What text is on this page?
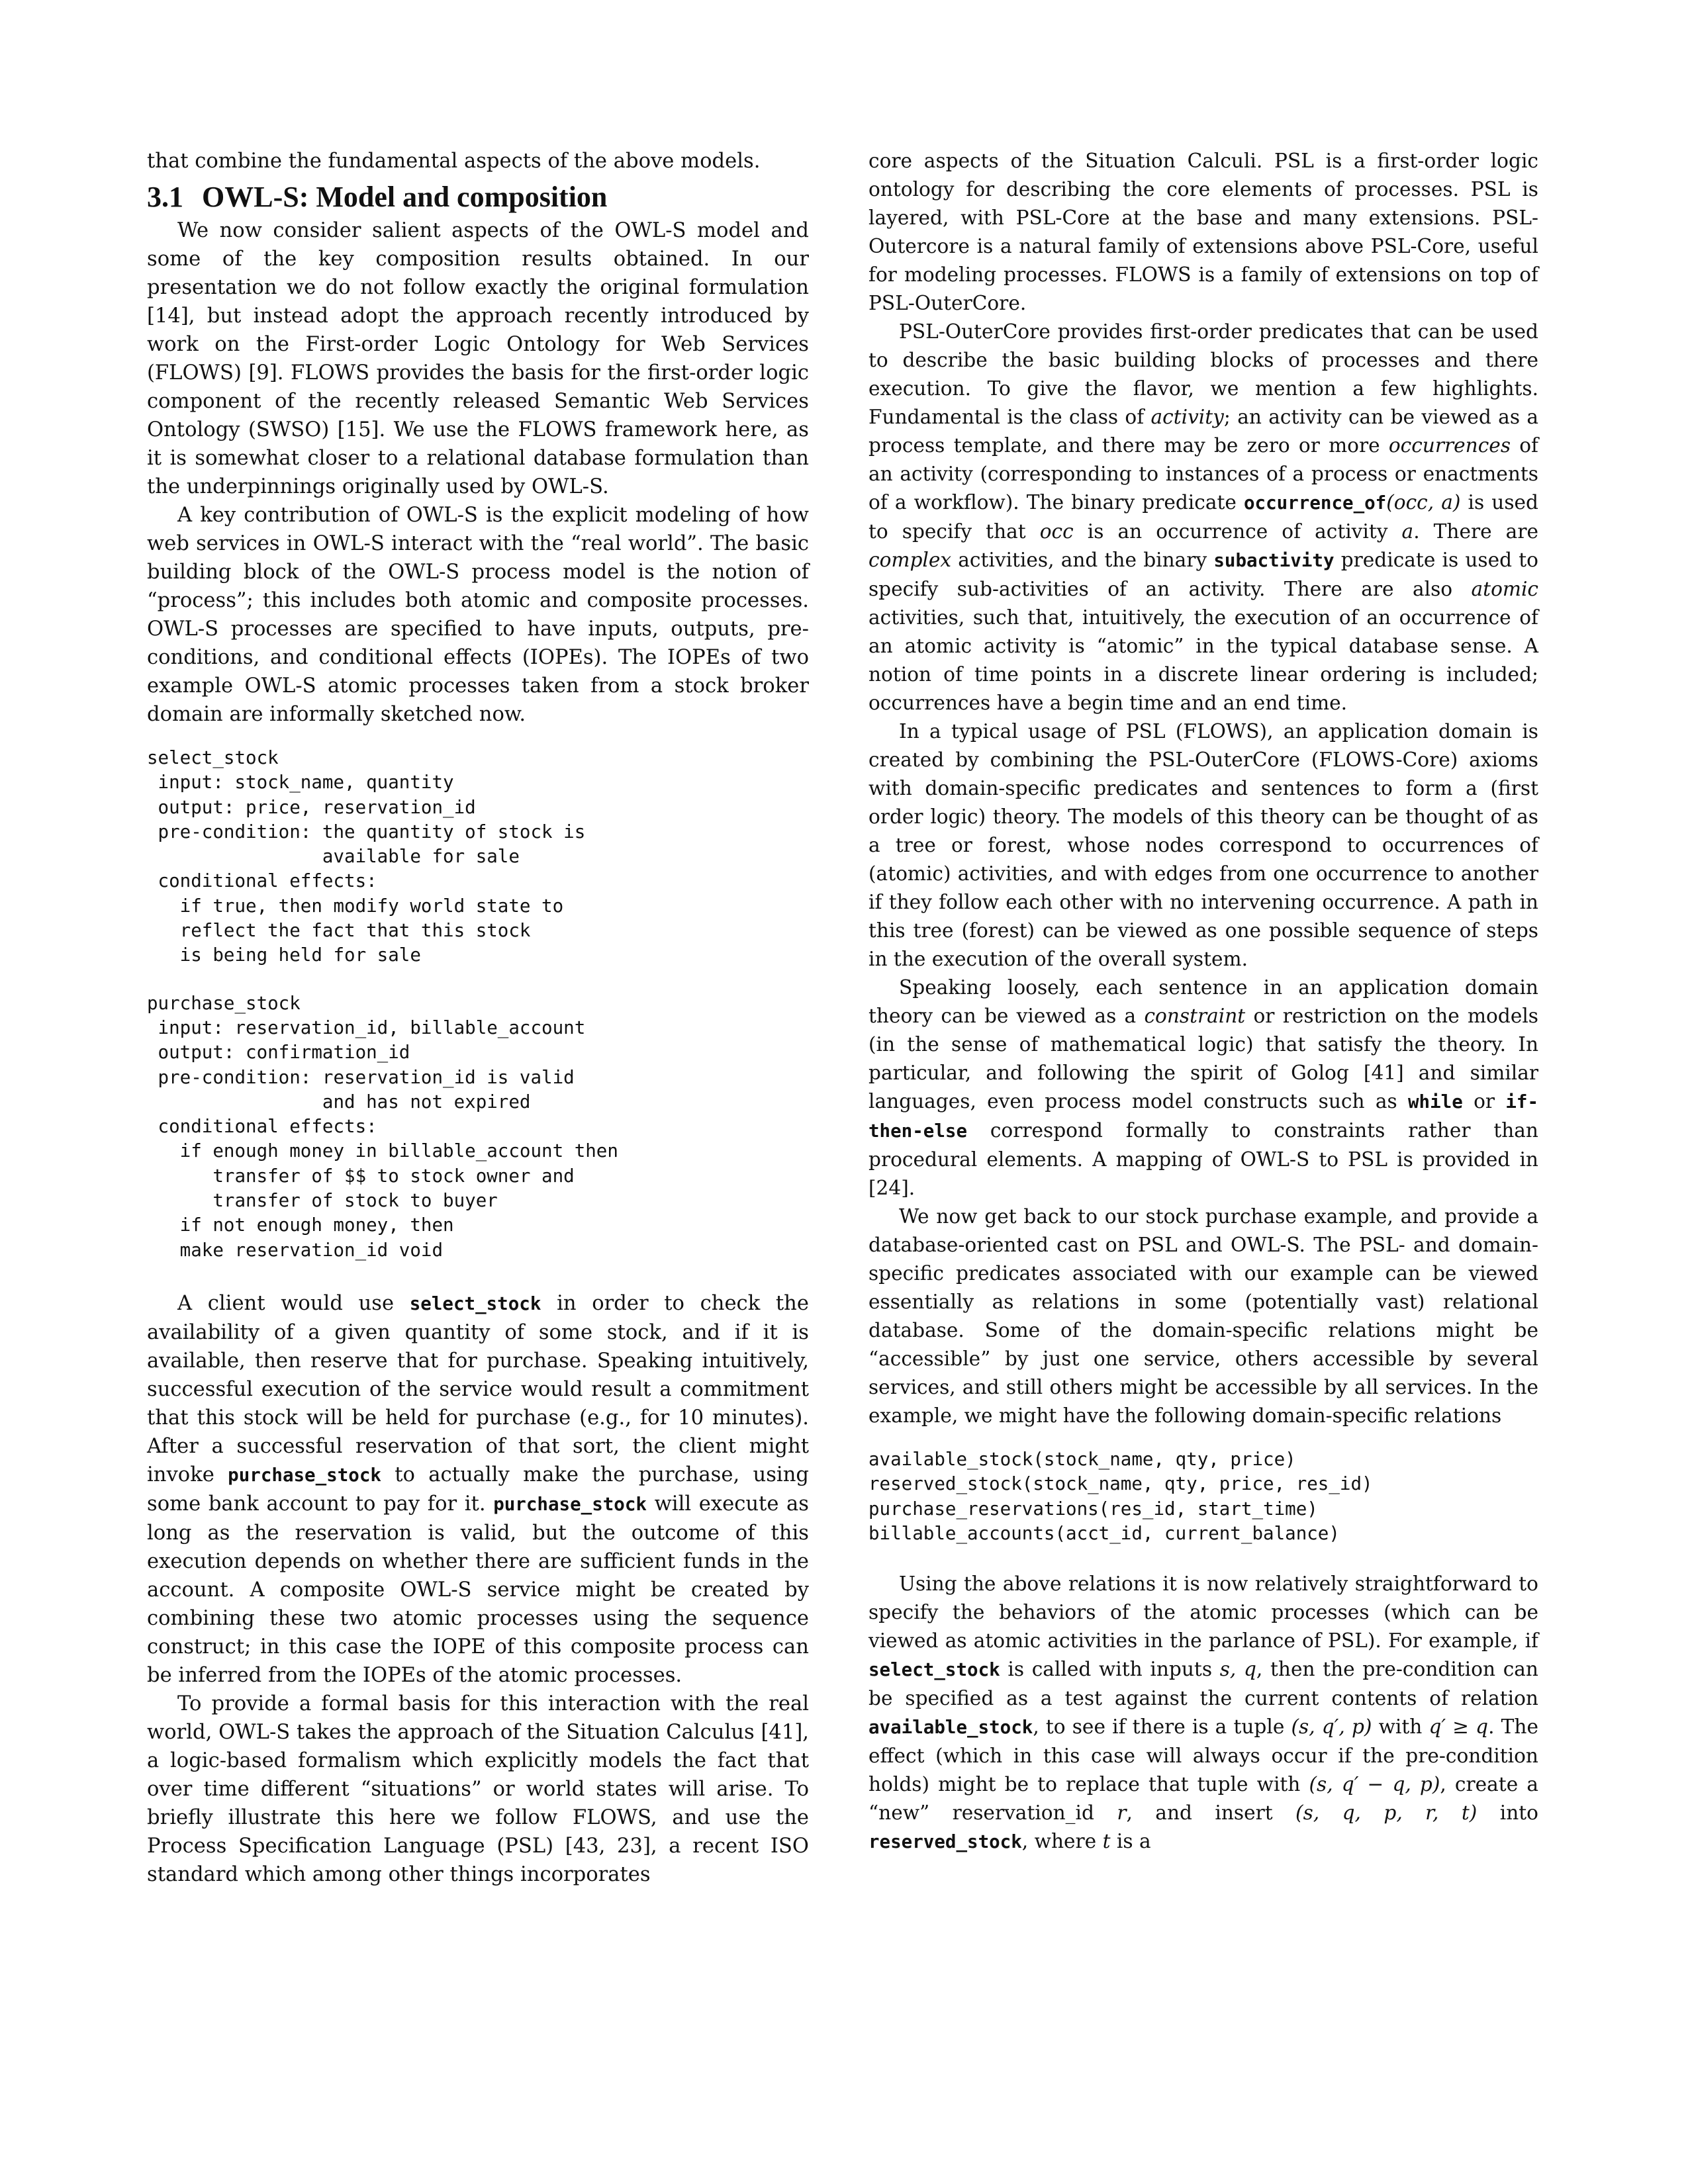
that combine the fundamental aspects of the above models.

3.1 OWL-S: Model and composition

We now consider salient aspects of the OWL-S model and some of the key composition results obtained. In our presentation we do not follow exactly the original formulation [14], but instead adopt the approach recently introduced by work on the First-order Logic Ontology for Web Services (FLOWS) [9]. FLOWS provides the basis for the first-order logic component of the recently released Semantic Web Services Ontology (SWSO) [15]. We use the FLOWS framework here, as it is somewhat closer to a relational database formulation than the underpinnings originally used by OWL-S.

A key contribution of OWL-S is the explicit modeling of how web services in OWL-S interact with the “real world”. The basic building block of the OWL-S process model is the notion of “process”; this includes both atomic and composite processes. OWL-S processes are specified to have inputs, outputs, pre-conditions, and conditional effects (IOPEs). The IOPEs of two example OWL-S atomic processes taken from a stock broker domain are informally sketched now.

select_stock
input: stock_name, quantity
output: price, reservation_id
pre-condition: the quantity of stock is
available for sale
conditional effects:
if true, then modify world state to
reflect the fact that this stock
is being held for sale
purchase_stock
input: reservation_id, billable_account
output: confirmation_id
pre-condition: reservation_id is valid
and has not expired
conditional effects:
if enough money in billable_account then
transfer of $$ to stock owner and
transfer of stock to buyer
if not enough money, then
make reservation_id void

A client would use select_stock in order to check the availability of a given quantity of some stock, and if it is available, then reserve that for purchase. Speaking intuitively, successful execution of the service would result a commitment that this stock will be held for purchase (e.g., for 10 minutes). After a successful reservation of that sort, the client might invoke purchase_stock to actually make the purchase, using some bank account to pay for it. purchase_stock will execute as long as the reservation is valid, but the outcome of this execution depends on whether there are sufficient funds in the account. A composite OWL-S service might be created by combining these two atomic processes using the sequence construct; in this case the IOPE of this composite process can be inferred from the IOPEs of the atomic processes.

To provide a formal basis for this interaction with the real world, OWL-S takes the approach of the Situation Calculus [41], a logic-based formalism which explicitly models the fact that over time different “situations” or world states will arise. To briefly illustrate this here we follow FLOWS, and use the Process Specification Language (PSL) [43, 23], a recent ISO standard which among other things incorporates

core aspects of the Situation Calculi. PSL is a first-order logic ontology for describing the core elements of processes. PSL is layered, with PSL-Core at the base and many extensions. PSL-Outercore is a natural family of extensions above PSL-Core, useful for modeling processes. FLOWS is a family of extensions on top of PSL-OuterCore.

PSL-OuterCore provides first-order predicates that can be used to describe the basic building blocks of processes and there execution. To give the flavor, we mention a few highlights. Fundamental is the class of activity; an activity can be viewed as a process template, and there may be zero or more occurrences of an activity (corresponding to instances of a process or enactments of a workflow). The binary predicate occurrence_of(occ, a) is used to specify that occ is an occurrence of activity a. There are complex activities, and the binary subactivity predicate is used to specify sub-activities of an activity. There are also atomic activities, such that, intuitively, the execution of an occurrence of an atomic activity is “atomic” in the typical database sense. A notion of time points in a discrete linear ordering is included; occurrences have a begin time and an end time.

In a typical usage of PSL (FLOWS), an application domain is created by combining the PSL-OuterCore (FLOWS-Core) axioms with domain-specific predicates and sentences to form a (first order logic) theory. The models of this theory can be thought of as a tree or forest, whose nodes correspond to occurrences of (atomic) activities, and with edges from one occurrence to another if they follow each other with no intervening occurrence. A path in this tree (forest) can be viewed as one possible sequence of steps in the execution of the overall system.

Speaking loosely, each sentence in an application domain theory can be viewed as a constraint or restriction on the models (in the sense of mathematical logic) that satisfy the theory. In particular, and following the spirit of Golog [41] and similar languages, even process model constructs such as while or if-then-else correspond formally to constraints rather than procedural elements. A mapping of OWL-S to PSL is provided in [24].

We now get back to our stock purchase example, and provide a database-oriented cast on PSL and OWL-S. The PSL- and domain-specific predicates associated with our example can be viewed essentially as relations in some (potentially vast) relational database. Some of the domain-specific relations might be “accessible” by just one service, others accessible by several services, and still others might be accessible by all services. In the example, we might have the following domain-specific relations

available_stock(stock_name, qty, price)
reserved_stock(stock_name, qty, price, res_id)
purchase_reservations(res_id, start_time)
billable_accounts(acct_id, current_balance)

Using the above relations it is now relatively straightforward to specify the behaviors of the atomic processes (which can be viewed as atomic activities in the parlance of PSL). For example, if select_stock is called with inputs s, q, then the pre-condition can be specified as a test against the current contents of relation available_stock, to see if there is a tuple (s, q′, p) with q′ ≥ q. The effect (which in this case will always occur if the pre-condition holds) might be to replace that tuple with (s, q′ − q, p), create a “new” reservation_id r, and insert (s, q, p, r, t) into reserved_stock, where t is a
